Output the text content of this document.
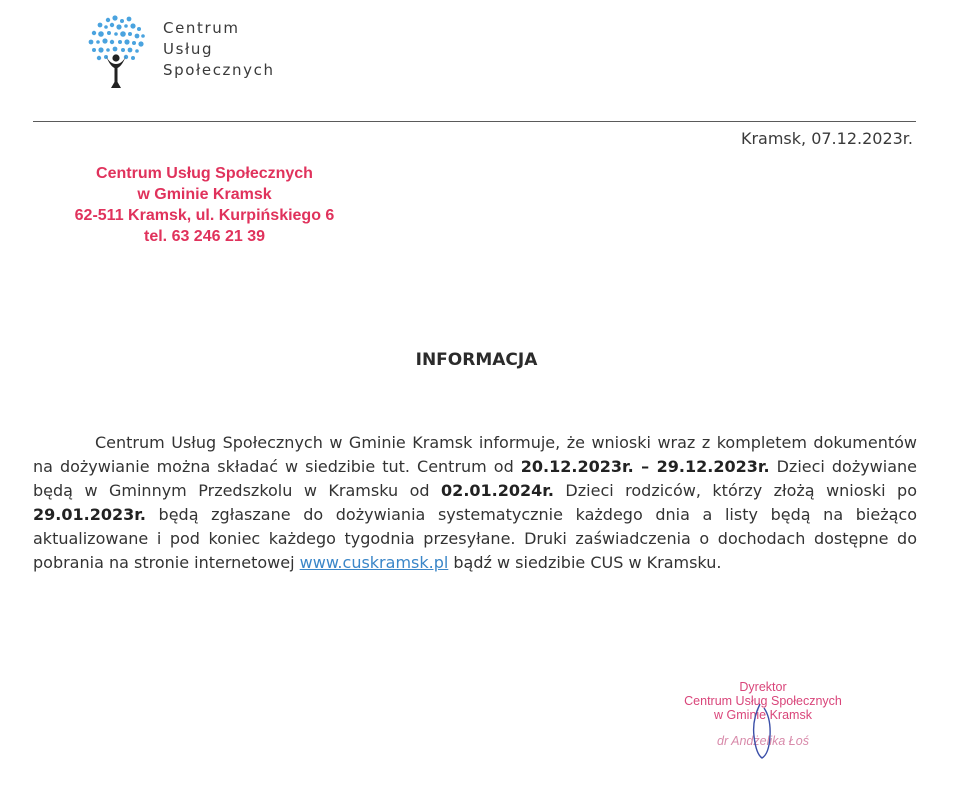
Centrum
Usług
Społecznych
Kramsk, 07.12.2023r.
Centrum Usług Społecznych
w Gminie Kramsk
62-511 Kramsk, ul. Kurpińskiego 6
tel. 63 246 21 39
INFORMACJA

Centrum Usług Społecznych w Gminie Kramsk informuje, że wnioski wraz z kompletem dokumentów na dożywianie można składać w siedzibie tut. Centrum od 20.12.2023r. – 29.12.2023r. Dzieci dożywiane będą w Gminnym Przedszkolu w Kramsku od 02.01.2024r. Dzieci rodziców, którzy złożą wnioski po 29.01.2023r. będą zgłaszane do dożywiania systematycznie każdego dnia a listy będą na bieżąco aktualizowane i pod koniec każdego tygodnia przesyłane. Druki zaświadczenia o dochodach dostępne do pobrania na stronie internetowej www.cuskramsk.pl bądź w siedzibie CUS w Kramsku.

Dyrektor
Centrum Usług Społecznych
w Gminie Kramsk
dr Andżelika Łoś
